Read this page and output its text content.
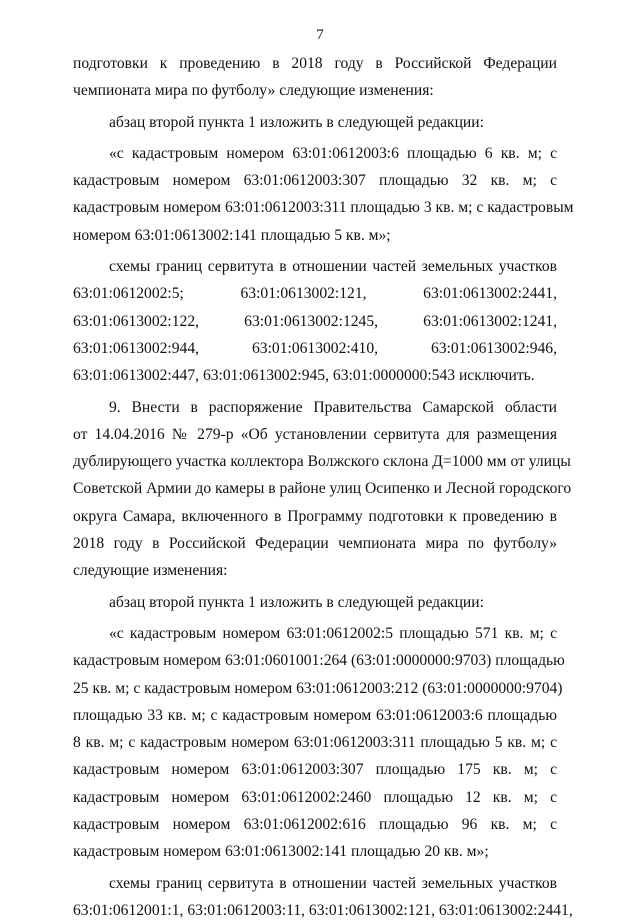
7
подготовки к проведению в 2018 году в Российской Федерации
чемпионата мира по футболу» следующие изменения:
абзац второй пункта 1 изложить в следующей редакции:
«с кадастровым номером 63:01:0612003:6 площадью 6 кв. м; с
кадастровым номером 63:01:0612003:307 площадью 32 кв. м; с
кадастровым номером 63:01:0612003:311 площадью 3 кв. м; с кадастровым
номером 63:01:0613002:141 площадью 5 кв. м»;
схемы границ сервитута в отношении частей земельных участков
63:01:0612002:5; 63:01:0613002:121, 63:01:0613002:2441,
63:01:0613002:122, 63:01:0613002:1245, 63:01:0613002:1241,
63:01:0613002:944, 63:01:0613002:410, 63:01:0613002:946,
63:01:0613002:447, 63:01:0613002:945, 63:01:0000000:543 исключить.
9. Внести в распоряжение Правительства Самарской области
от 14.04.2016 № 279-р «Об установлении сервитута для размещения
дублирующего участка коллектора Волжского склона Д=1000 мм от улицы
Советской Армии до камеры в районе улиц Осипенко и Лесной городского
округа Самара, включенного в Программу подготовки к проведению в
2018 году в Российской Федерации чемпионата мира по футболу»
следующие изменения:
абзац второй пункта 1 изложить в следующей редакции:
«с кадастровым номером 63:01:0612002:5 площадью 571 кв. м; с
кадастровым номером 63:01:0601001:264 (63:01:0000000:9703) площадью
25 кв. м; с кадастровым номером 63:01:0612003:212 (63:01:0000000:9704)
площадью 33 кв. м; с кадастровым номером 63:01:0612003:6 площадью
8 кв. м; с кадастровым номером 63:01:0612003:311 площадью 5 кв. м; с
кадастровым номером 63:01:0612003:307 площадью 175 кв. м; с
кадастровым номером 63:01:0612002:2460 площадью 12 кв. м; с
кадастровым номером 63:01:0612002:616 площадью 96 кв. м; с
кадастровым номером 63:01:0613002:141 площадью 20 кв. м»;
схемы границ сервитута в отношении частей земельных участков
63:01:0612001:1, 63:01:0612003:11, 63:01:0613002:121, 63:01:0613002:2441,
